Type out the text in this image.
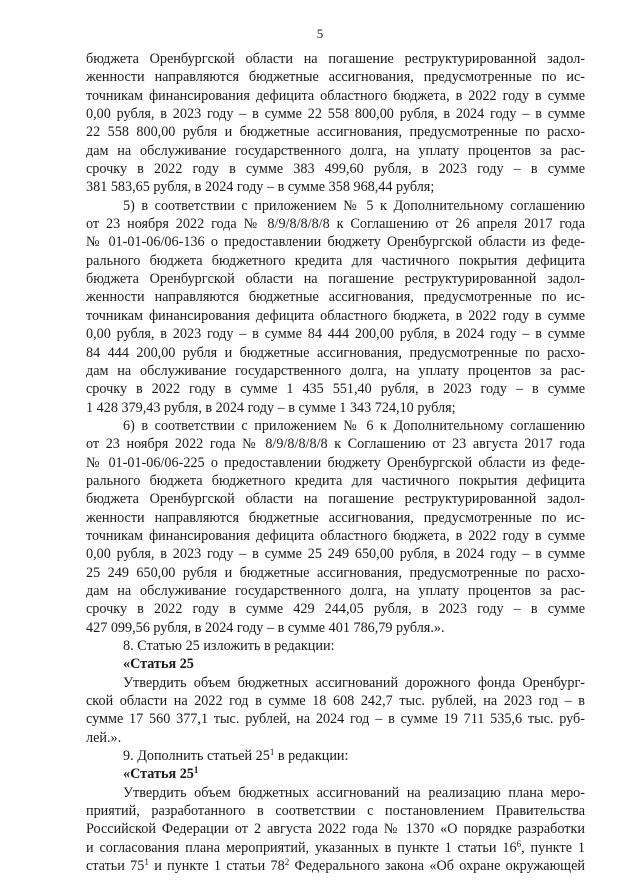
5

бюджета Оренбургской области на погашение реструктурированной задол-

женности направляются бюджетные ассигнования, предусмотренные по ис-

точникам финансирования дефицита областного бюджета, в 2022 году в сумме

0,00 рубля, в 2023 году – в сумме 22 558 800,00 рубля, в 2024 году – в сумме

22 558 800,00 рубля и бюджетные ассигнования, предусмотренные по расхо-

дам на обслуживание государственного долга, на уплату процентов за рас-

срочку в 2022 году в сумме 383 499,60 рубля, в 2023 году – в сумме

381 583,65 рубля, в 2024 году – в сумме 358 968,44 рубля;

5) в соответствии с приложением № 5 к Дополнительному соглашению

от 23 ноября 2022 года № 8/9/8/8/8/8 к Соглашению от 26 апреля 2017 года

№ 01-01-06/06-136 о предоставлении бюджету Оренбургской области из феде-

рального бюджета бюджетного кредита для частичного покрытия дефицита

бюджета Оренбургской области на погашение реструктурированной задол-

женности направляются бюджетные ассигнования, предусмотренные по ис-

точникам финансирования дефицита областного бюджета, в 2022 году в сумме

0,00 рубля, в 2023 году – в сумме 84 444 200,00 рубля, в 2024 году – в сумме

84 444 200,00 рубля и бюджетные ассигнования, предусмотренные по расхо-

дам на обслуживание государственного долга, на уплату процентов за рас-

срочку в 2022 году в сумме 1 435 551,40 рубля, в 2023 году – в сумме

1 428 379,43 рубля, в 2024 году – в сумме 1 343 724,10 рубля;

6) в соответствии с приложением № 6 к Дополнительному соглашению

от 23 ноября 2022 года № 8/9/8/8/8/8 к Соглашению от 23 августа 2017 года

№ 01-01-06/06-225 о предоставлении бюджету Оренбургской области из феде-

рального бюджета бюджетного кредита для частичного покрытия дефицита

бюджета Оренбургской области на погашение реструктурированной задол-

женности направляются бюджетные ассигнования, предусмотренные по ис-

точникам финансирования дефицита областного бюджета, в 2022 году в сумме

0,00 рубля, в 2023 году – в сумме 25 249 650,00 рубля, в 2024 году – в сумме

25 249 650,00 рубля и бюджетные ассигнования, предусмотренные по расхо-

дам на обслуживание государственного долга, на уплату процентов за рас-

срочку в 2022 году в сумме 429 244,05 рубля, в 2023 году – в сумме

427 099,56 рубля, в 2024 году – в сумме 401 786,79 рубля.».

8. Статью 25 изложить в редакции:

«Статья 25

Утвердить объем бюджетных ассигнований дорожного фонда Оренбург-

ской области на 2022 год в сумме 18 608 242,7 тыс. рублей, на 2023 год – в

сумме 17 560 377,1 тыс. рублей, на 2024 год – в сумме 19 711 535,6 тыс. руб-

лей.».

9. Дополнить статьей $25^1$ в редакции:

«Статья $25^1$

Утвердить объем бюджетных ассигнований на реализацию плана меро-

приятий, разработанного в соответствии с постановлением Правительства

Российской Федерации от 2 августа 2022 года № 1370 «О порядке разработки

и согласования плана мероприятий, указанных в пункте 1 статьи $16^6$, пункте 1

статьи $75^1$ и пункте 1 статьи $78^2$ Федерального закона «Об охране окружающей
